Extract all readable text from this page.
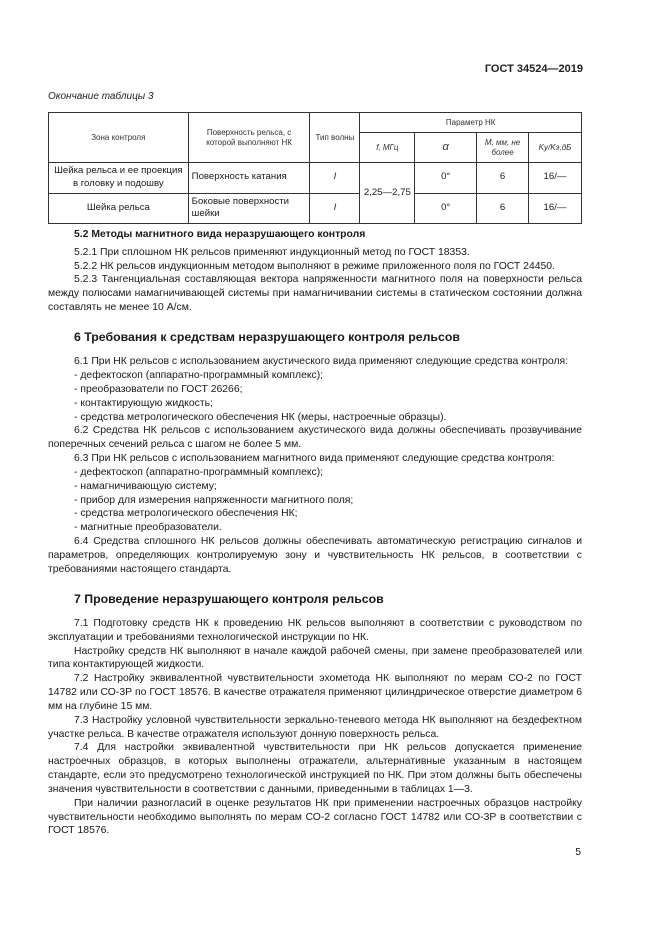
ГОСТ 34524—2019
Окончание таблицы 3
Зона контроля	Поверхность рельса, с которой выполняют НК	Тип волны	Параметр НК			
			f, МГц	α	M, мм, не более	Kу/Kэ,дБ
Шейка рельса и ее проекция в головку и подошву	Поверхность катания	l	2,25—2,75	0°	6	16/—
Шейка рельса	Боковые поверхности шейки	l		0°	6	16/—

5.2 Методы магнитного вида неразрушающего контроля

5.2.1 При сплошном НК рельсов применяют индукционный метод по ГОСТ 18353.

5.2.2 НК рельсов индукционным методом выполняют в режиме приложенного поля по ГОСТ 24450.

5.2.3 Тангенциальная составляющая вектора напряженности магнитного поля на поверхности рельса между полюсами намагничивающей системы при намагничивании системы в статическом состоянии должна составлять не менее 10 А/см.

6 Требования к средствам неразрушающего контроля рельсов

6.1 При НК рельсов с использованием акустического вида применяют следующие средства контроля:

- дефектоскоп (аппаратно-программный комплекс);

- преобразователи по ГОСТ 26266;

- контактирующую жидкость;

- средства метрологического обеспечения НК (меры, настроечные образцы).

6.2 Средства НК рельсов с использованием акустического вида должны обеспечивать прозвучивание поперечных сечений рельса с шагом не более 5 мм.

6.3 При НК рельсов с использованием магнитного вида применяют следующие средства контроля:

- дефектоскоп (аппаратно-программный комплекс);

- намагничивающую систему;

- прибор для измерения напряженности магнитного поля;

- средства метрологического обеспечения НК;

- магнитные преобразователи.

6.4 Средства сплошного НК рельсов должны обеспечивать автоматическую регистрацию сигналов и параметров, определяющих контролируемую зону и чувствительность НК рельсов, в соответствии с требованиями настоящего стандарта.

7 Проведение неразрушающего контроля рельсов

7.1 Подготовку средств НК к проведению НК рельсов выполняют в соответствии с руководством по эксплуатации и требованиями технологической инструкции по НК.

Настройку средств НК выполняют в начале каждой рабочей смены, при замене преобразователей или типа контактирующей жидкости.

7.2 Настройку эквивалентной чувствительности эхометода НК выполняют по мерам СО-2 по ГОСТ 14782 или СО-3Р по ГОСТ 18576. В качестве отражателя применяют цилиндрическое отверстие диаметром 6 мм на глубине 15 мм.

7.3 Настройку условной чувствительности зеркально-теневого метода НК выполняют на бездефектном участке рельса. В качестве отражателя используют донную поверхность рельса.

7.4 Для настройки эквивалентной чувствительности при НК рельсов допускается применение настроечных образцов, в которых выполнены отражатели, альтернативные указанным в настоящем стандарте, если это предусмотрено технологической инструкцией по НК. При этом должны быть обеспечены значения чувствительности в соответствии с данными, приведенными в таблицах 1—3.

При наличии разногласий в оценке результатов НК при применении настроечных образцов настройку чувствительности необходимо выполнять по мерам СО-2 согласно ГОСТ 14782 или СО-3Р в соответствии с ГОСТ 18576.

5
